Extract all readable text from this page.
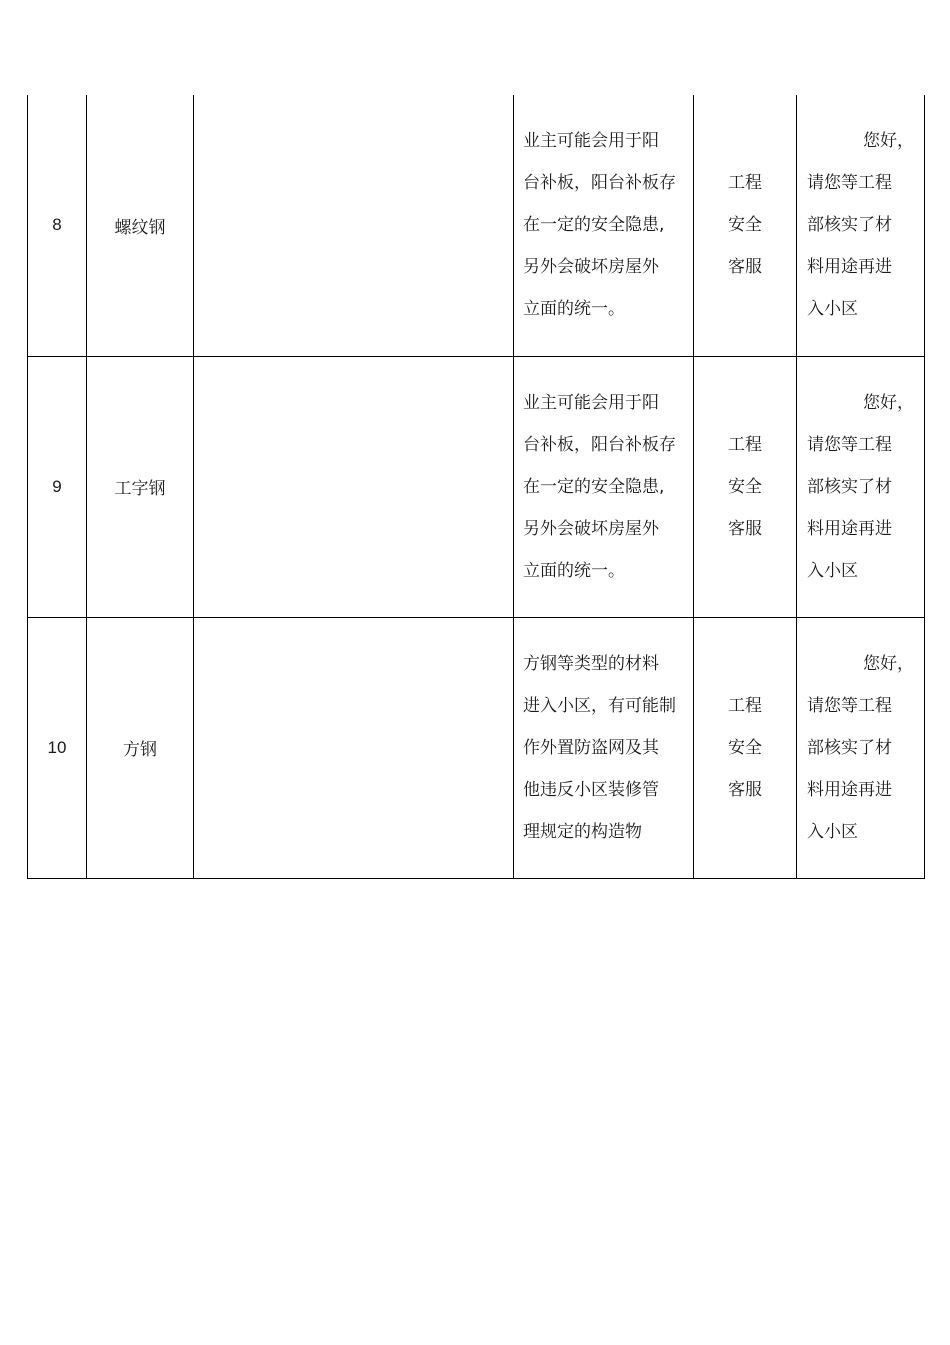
8	螺纹钢		业主可能会用于阳
台补板，阳台补板存
在一定的安全隐患,
另外会破坏房屋外
立面的统一。	工程
安全
客服	您好，
请您等工程
部核实了材
料用途再进
入小区

9	工字钢		业主可能会用于阳
台补板，阳台补板存
在一定的安全隐患,
另外会破坏房屋外
立面的统一。	工程
安全
客服	您好，
请您等工程
部核实了材
料用途再进
入小区

10	方钢		方钢等类型的材料
进入小区，有可能制
作外置防盗网及其
他违反小区装修管
理规定的构造物	工程
安全
客服	您好，
请您等工程
部核实了材
料用途再进
入小区
